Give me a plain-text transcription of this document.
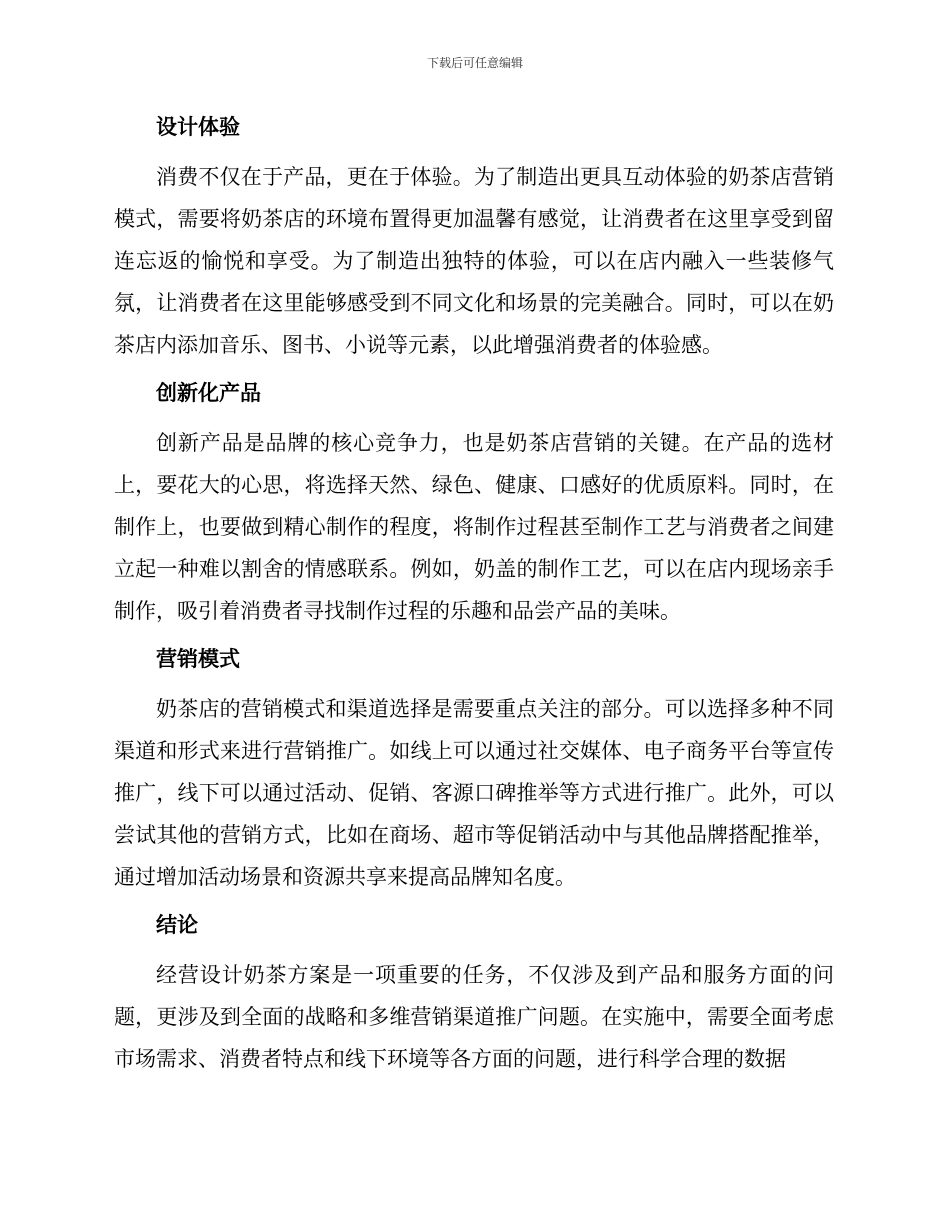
下载后可任意编辑
设计体验

消费不仅在于产品，更在于体验。为了制造出更具互动体验的奶茶店营销模式，需要将奶茶店的环境布置得更加温馨有感觉，让消费者在这里享受到留连忘返的愉悦和享受。为了制造出独特的体验，可以在店内融入一些装修气氛，让消费者在这里能够感受到不同文化和场景的完美融合。同时，可以在奶茶店内添加音乐、图书、小说等元素，以此增强消费者的体验感。

创新化产品

创新产品是品牌的核心竞争力，也是奶茶店营销的关键。在产品的选材上，要花大的心思，将选择天然、绿色、健康、口感好的优质原料。同时，在制作上，也要做到精心制作的程度，将制作过程甚至制作工艺与消费者之间建立起一种难以割舍的情感联系。例如，奶盖的制作工艺，可以在店内现场亲手制作，吸引着消费者寻找制作过程的乐趣和品尝产品的美味。

营销模式

奶茶店的营销模式和渠道选择是需要重点关注的部分。可以选择多种不同渠道和形式来进行营销推广。如线上可以通过社交媒体、电子商务平台等宣传推广，线下可以通过活动、促销、客源口碑推举等方式进行推广。此外，可以尝试其他的营销方式，比如在商场、超市等促销活动中与其他品牌搭配推举，通过增加活动场景和资源共享来提高品牌知名度。

结论

经营设计奶茶方案是一项重要的任务，不仅涉及到产品和服务方面的问题，更涉及到全面的战略和多维营销渠道推广问题。在实施中，需要全面考虑市场需求、消费者特点和线下环境等各方面的问题，进行科学合理的数据
